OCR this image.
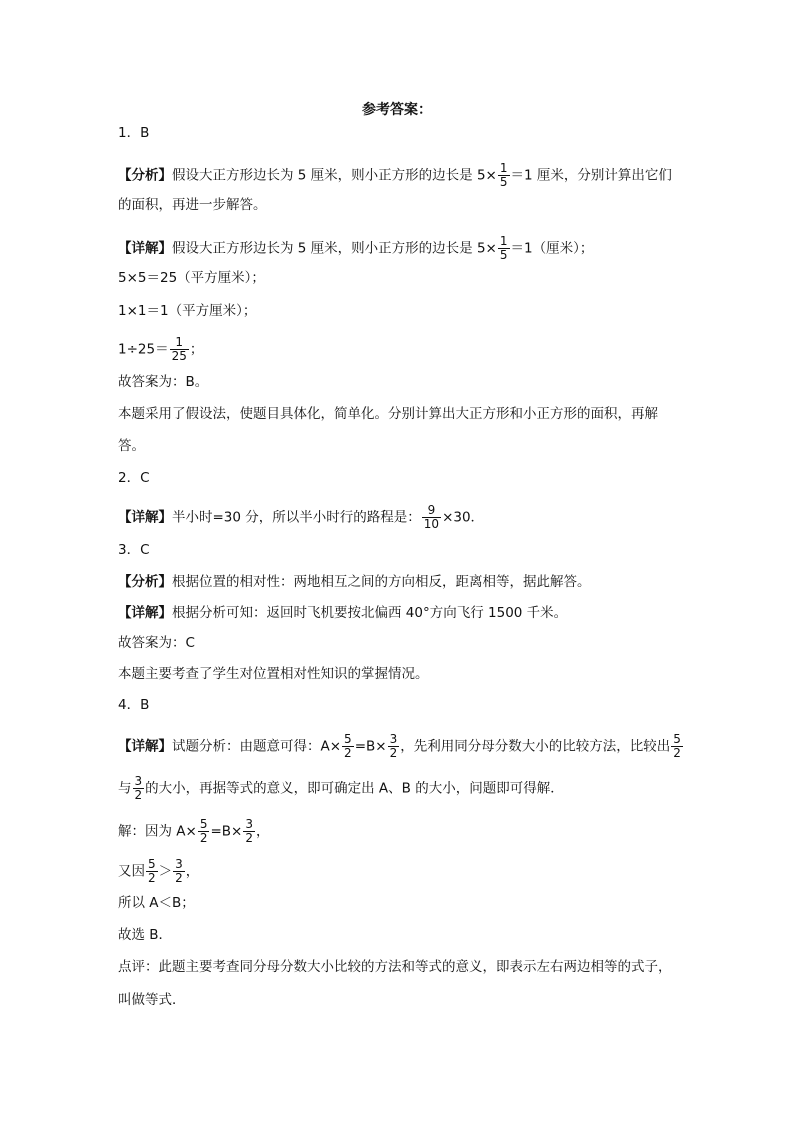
参考答案：
1．B
【分析】假设大正方形边长为 5 厘米，则小正方形的边长是 $5\times \frac{1}{5} =1$ 厘米，分别计算出它们
的面积，再进一步解答。
【详解】假设大正方形边长为 5 厘米，则小正方形的边长是 $5\times \frac{1}{5} =1$（厘米）；
5×5＝25（平方厘米）；
1×1＝1（平方厘米）；
$1\div 25= \frac{1}{25}$ ；
故答案为：B。
本题采用了假设法，使题目具体化，简单化。分别计算出大正方形和小正方形的面积，再解
答。
2．C
【详解】半小时=30 分，所以半小时行的路程是： $\frac{9}{10} \times 30$．
3．C
【分析】根据位置的相对性：两地相互之间的方向相反，距离相等，据此解答。
【详解】根据分析可知：返回时飞机要按北偏西 40°方向飞行 1500 千米。
故答案为：C
本题主要考查了学生对位置相对性知识的掌握情况。
4．B
【详解】试题分析：由题意可得：$A\times \frac{5}{2} =B\times \frac{3}{2}$ ，先利用同分母分数大小的比较方法，比较出 $\frac{5}{2}$
与 $\frac{3}{2}$ 的大小，再据等式的意义，即可确定出 A、B 的大小，问题即可得解．
解：因为 $A\times \frac{5}{2} =B\times \frac{3}{2}$ ，
又因 $\frac{5}{2} > \frac{3}{2}$ ，
所以 A＜B；
故选 B．
点评：此题主要考查同分母分数大小比较的方法和等式的意义，即表示左右两边相等的式子，
叫做等式．
